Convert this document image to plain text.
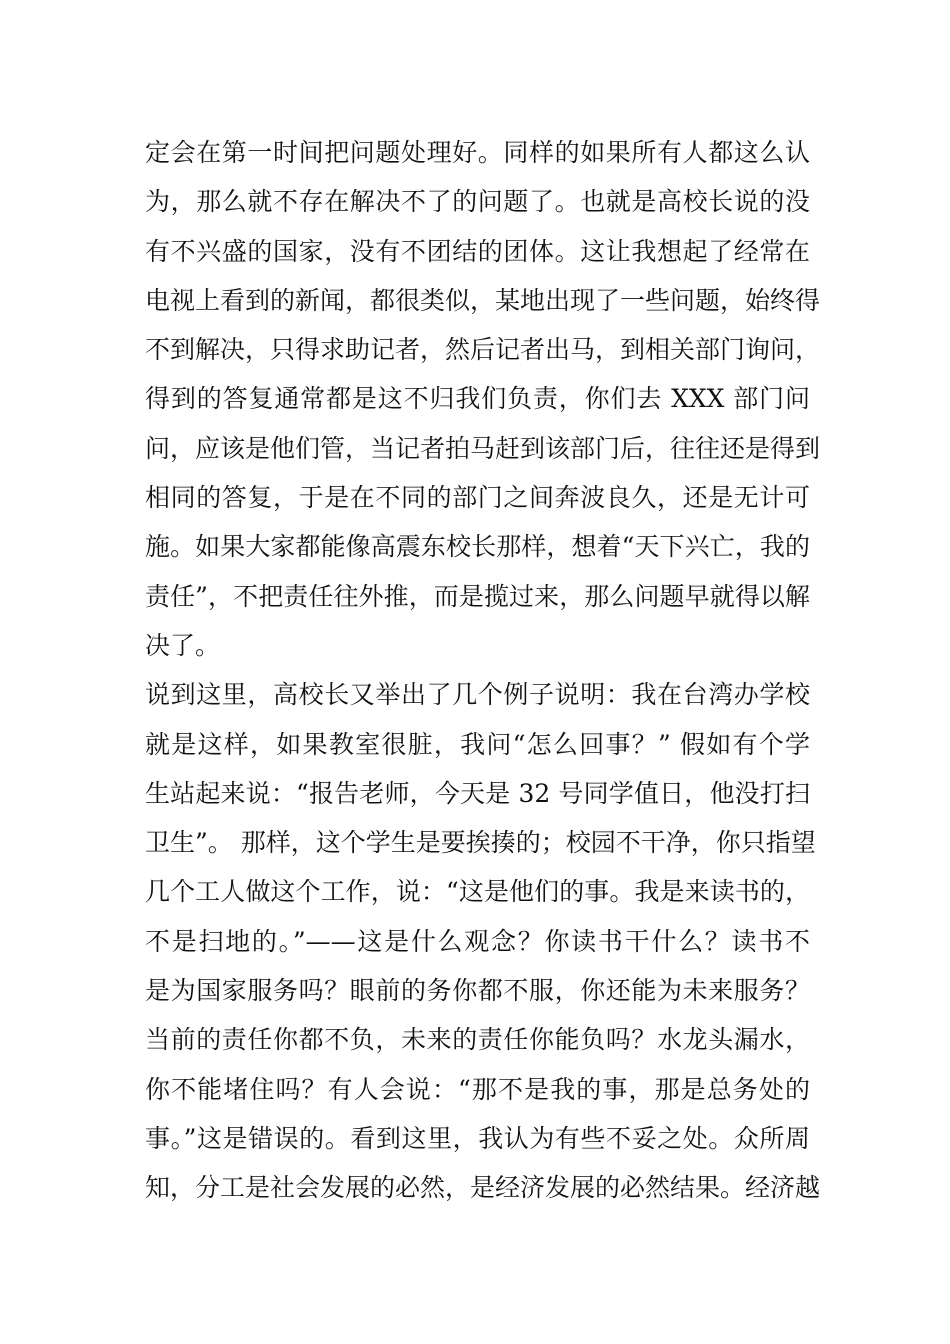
定会在第一时间把问题处理好。同样的如果所有人都这么认
为，那么就不存在解决不了的问题了。也就是高校长说的没
有不兴盛的国家，没有不团结的团体。这让我想起了经常在
电视上看到的新闻，都很类似，某地出现了一些问题，始终得
不到解决，只得求助记者，然后记者出马，到相关部门询问，
得到的答复通常都是这不归我们负责，你们去 XXX 部门问
问，应该是他们管，当记者拍马赶到该部门后，往往还是得到
相同的答复，于是在不同的部门之间奔波良久，还是无计可
施。如果大家都能像高震东校长那样，想着“天下兴亡，我的
责任”，不把责任往外推，而是揽过来，那么问题早就得以解
决了。
说到这里，高校长又举出了几个例子说明：我在台湾办学校
就是这样，如果教室很脏，我问“怎么回事？” 假如有个学
生站起来说：“报告老师，今天是 32 号同学值日，他没打扫
卫生”。 那样，这个学生是要挨揍的；校园不干净，你只指望
几个工人做这个工作，说：“这是他们的事。我是来读书的，
不是扫地的。”——这是什么观念？你读书干什么？读书不
是为国家服务吗？眼前的务你都不服，你还能为未来服务？
当前的责任你都不负，未来的责任你能负吗？水龙头漏水，
你不能堵住吗？有人会说：“那不是我的事，那是总务处的
事。”这是错误的。看到这里，我认为有些不妥之处。众所周
知，分工是社会发展的必然，是经济发展的必然结果。经济越
